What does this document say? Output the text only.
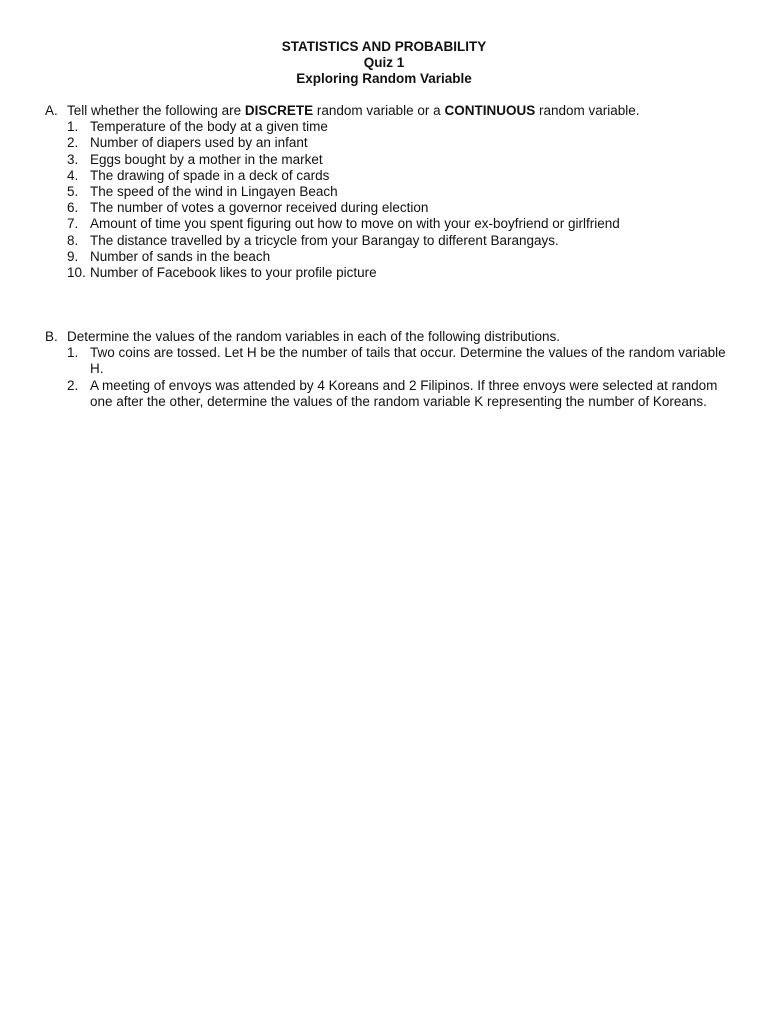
STATISTICS AND PROBABILITY
Quiz 1
Exploring Random Variable
A. Tell whether the following are DISCRETE random variable or a CONTINUOUS random variable.
1. Temperature of the body at a given time
2. Number of diapers used by an infant
3. Eggs bought by a mother in the market
4. The drawing of spade in a deck of cards
5. The speed of the wind in Lingayen Beach
6. The number of votes a governor received during election
7. Amount of time you spent figuring out how to move on with your ex-boyfriend or girlfriend
8. The distance travelled by a tricycle from your Barangay to different Barangays.
9. Number of sands in the beach
10. Number of Facebook likes to your profile picture
B. Determine the values of the random variables in each of the following distributions.
1. Two coins are tossed. Let H be the number of tails that occur. Determine the values of the random variable H.
2. A meeting of envoys was attended by 4 Koreans and 2 Filipinos. If three envoys were selected at random one after the other, determine the values of the random variable K representing the number of Koreans.
